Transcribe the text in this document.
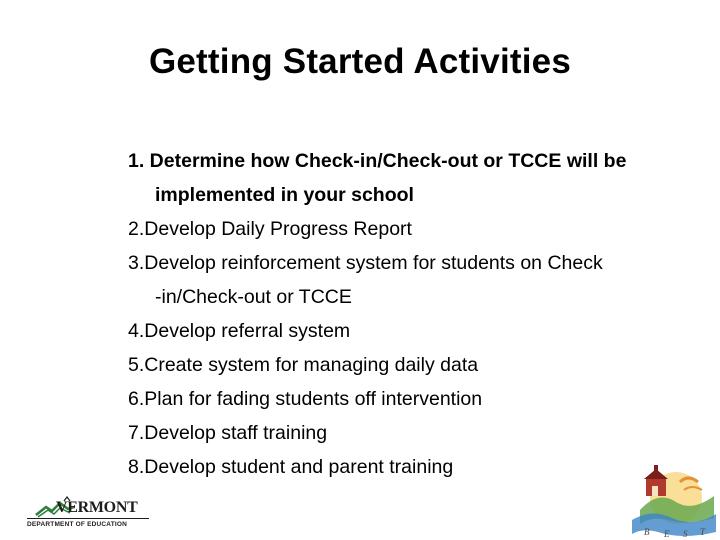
Getting Started Activities
1. Determine how Check-in/Check-out or TCCE will be
implemented in your school
2.Develop Daily Progress Report
3.Develop reinforcement system for students on Check
-in/Check-out or TCCE
4.Develop referral system
5.Create system for managing daily data
6.Plan for fading students off intervention
7.Develop staff training
8.Develop student and parent training
VERMONT
DEPARTMENT OF EDUCATION
B E S T
